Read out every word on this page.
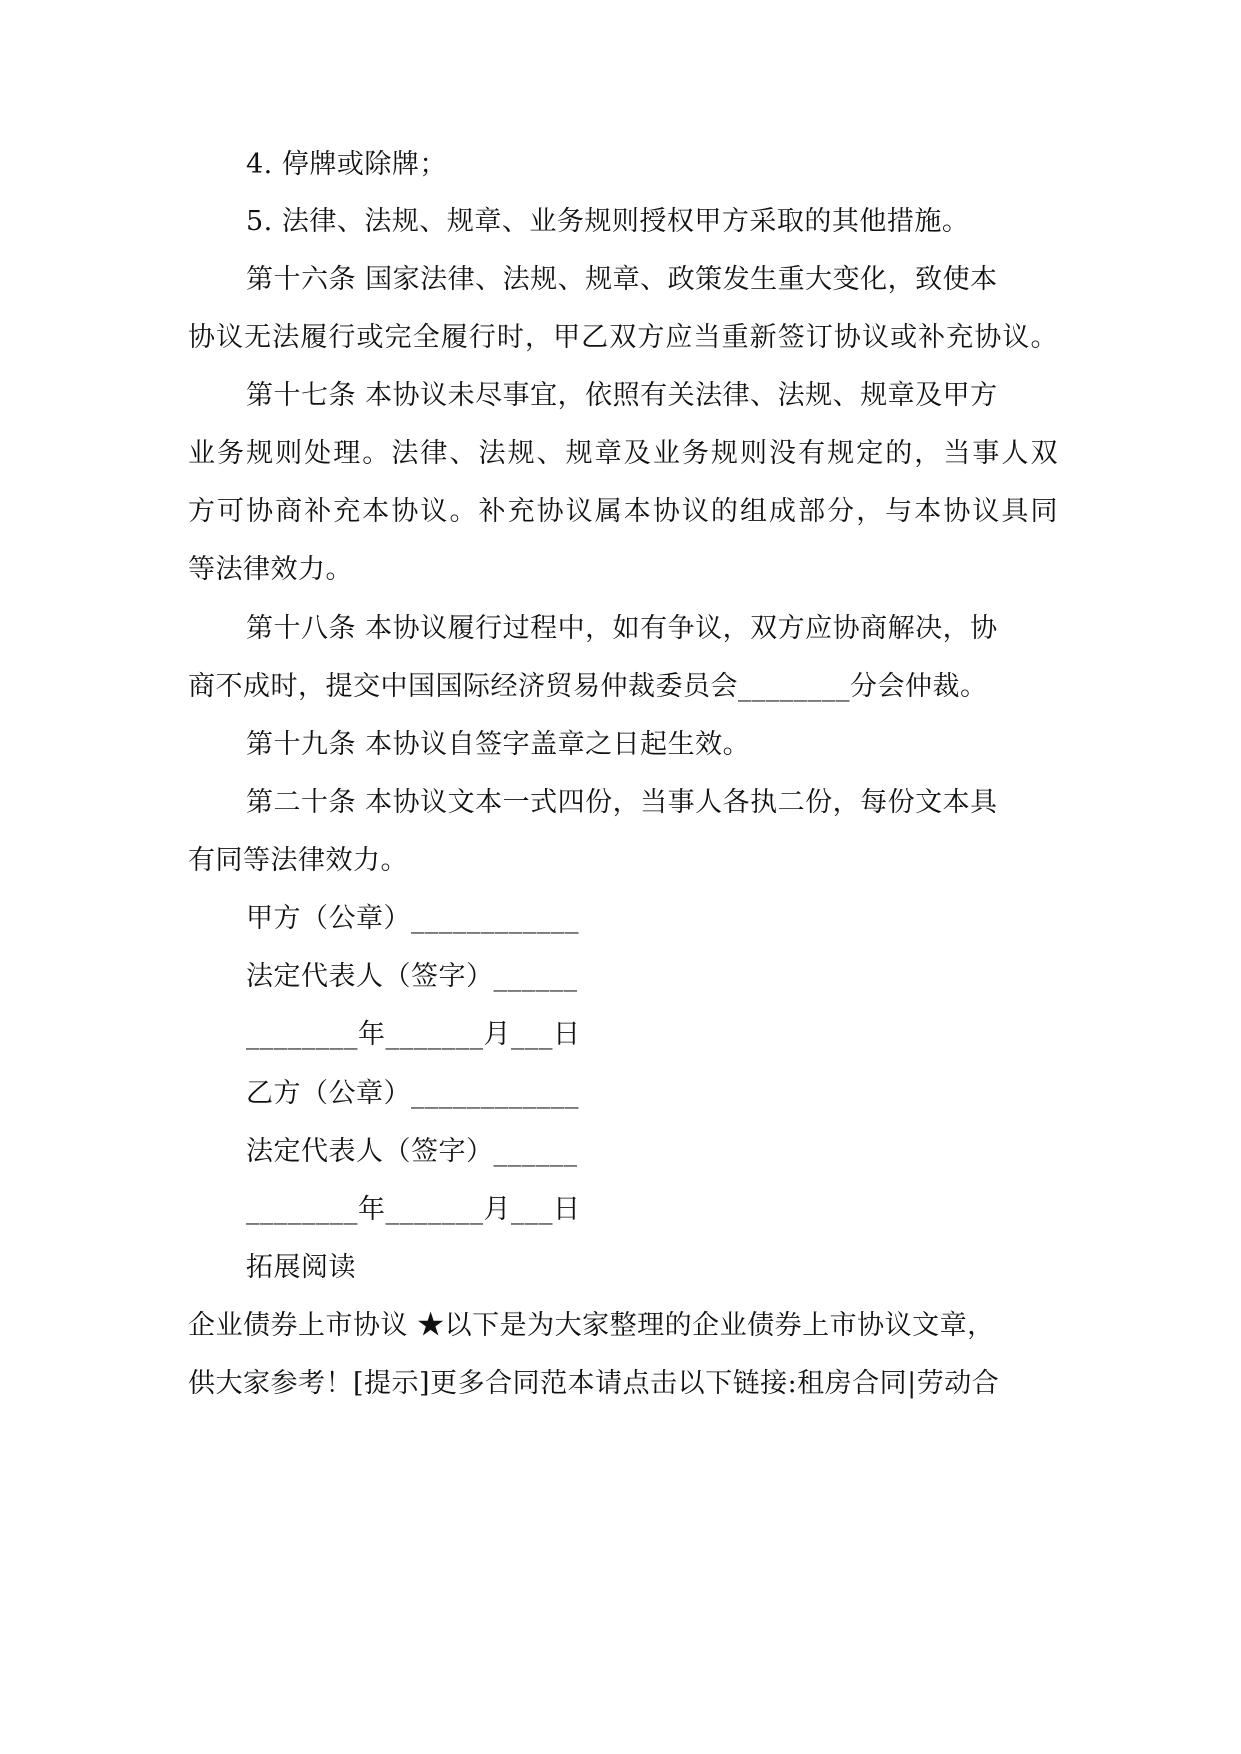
4. 停牌或除牌；
5. 法律、法规、规章、业务规则授权甲方采取的其他措施。
第十六条 国家法律、法规、规章、政策发生重大变化，致使本
协议无法履行或完全履行时，甲乙双方应当重新签订协议或补充协议。
第十七条 本协议未尽事宜，依照有关法律、法规、规章及甲方
业务规则处理。法律、法规、规章及业务规则没有规定的，当事人双
方可协商补充本协议。补充协议属本协议的组成部分，与本协议具同
等法律效力。
第十八条 本协议履行过程中，如有争议，双方应协商解决，协
商不成时，提交中国国际经济贸易仲裁委员会________分会仲裁。
第十九条 本协议自签字盖章之日起生效。
第二十条 本协议文本一式四份，当事人各执二份，每份文本具
有同等法律效力。
甲方（公章）____________
法定代表人（签字）______
________年_______月___日
乙方（公章）____________
法定代表人（签字）______
________年_______月___日
拓展阅读
企业债券上市协议 ★以下是为大家整理的企业债券上市协议文章，
供大家参考！[提示]更多合同范本请点击以下链接:租房合同|劳动合
